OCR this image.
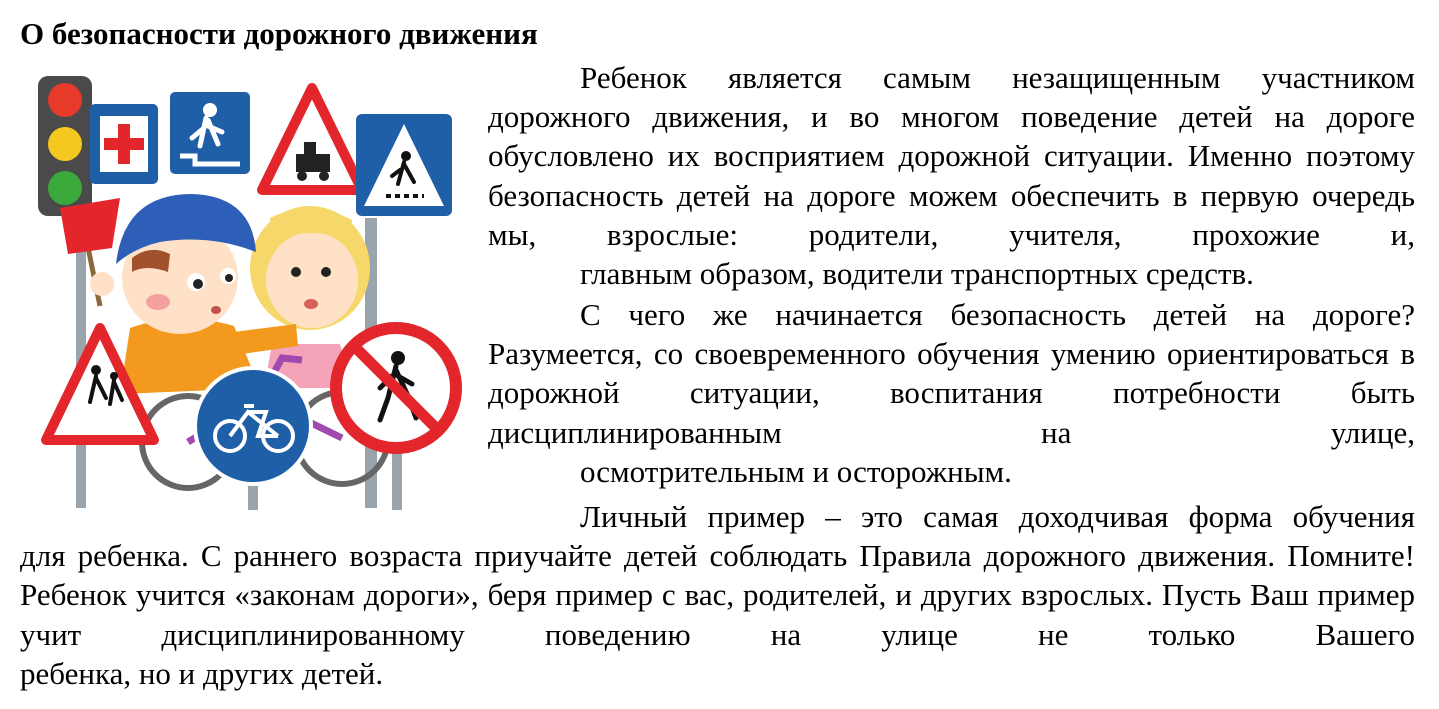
О безопасности дорожного движения

Ребенок является самым незащищенным участником дорожного движения, и во многом поведение детей на дороге обусловлено их восприятием дорожной ситуации. Именно поэтому безопасность детей на дороге можем обеспечить в первую очередь мы, взрослые: родители, учителя, прохожие и,
главным образом, водители транспортных средств.

С чего же начинается безопасность детей на дороге? Разумеется, со своевременного обучения умению ориентироваться в дорожной ситуации, воспитания потребности быть дисциплинированным на улице,
осмотрительным и осторожным.

Личный пример – это самая доходчивая форма обучения
для ребенка. С раннего возраста приучайте детей соблюдать Правила дорожного движения. Помните! Ребенок учится «законам дороги», беря пример с вас, родителей, и других взрослых. Пусть Ваш пример учит дисциплинированному поведению на улице не только Вашего
ребенка, но и других детей.
